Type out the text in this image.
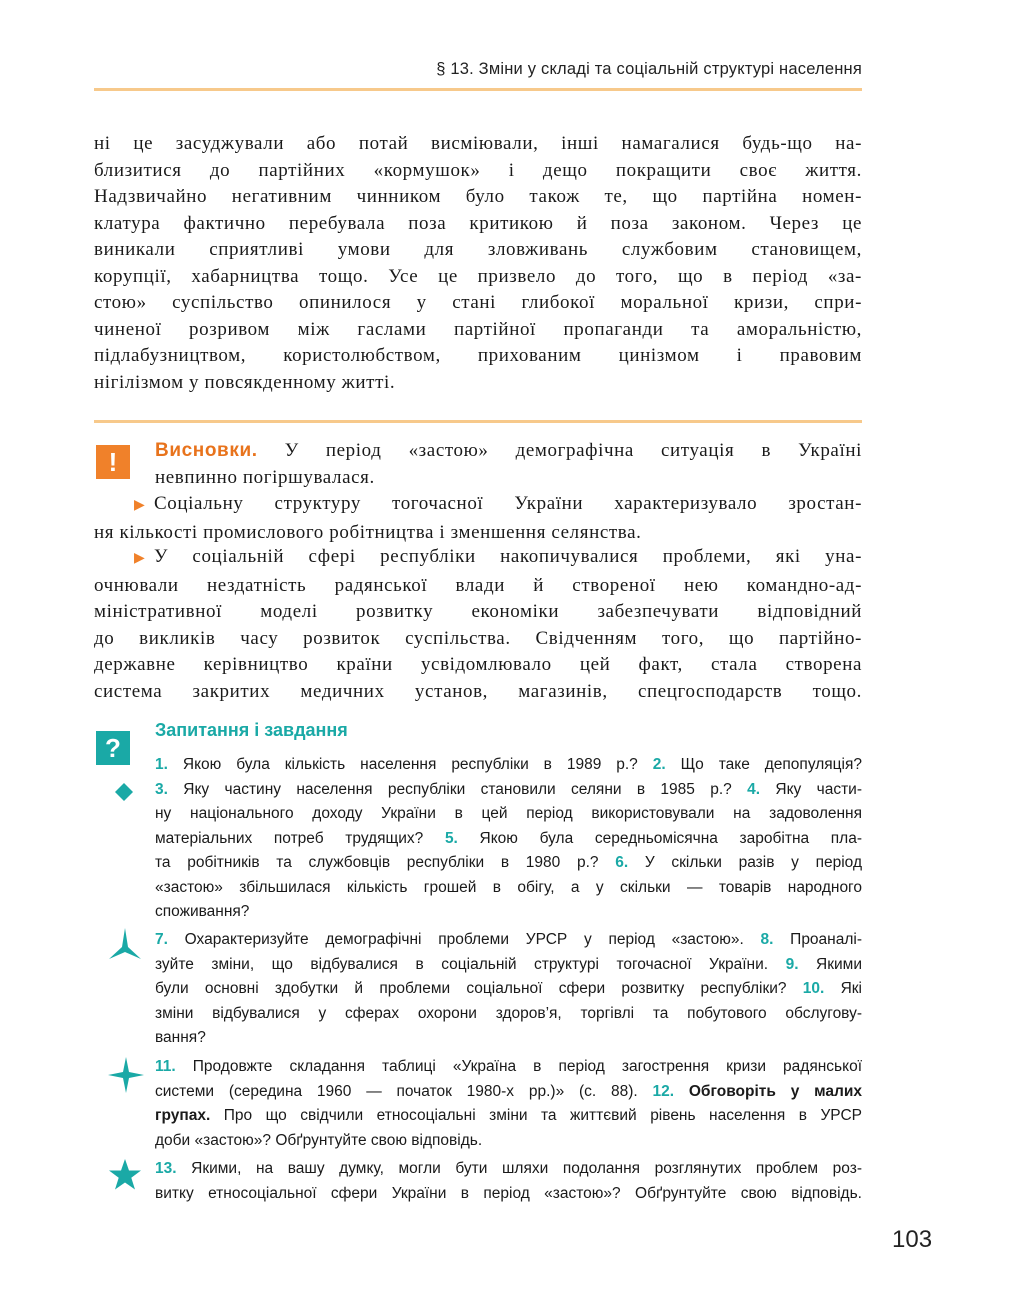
§ 13. Зміни у складі та соціальній структурі населення
ні це засуджували або потай висміювали, інші намагалися будь-що на-
близитися до партійних «кормушок» і дещо покращити своє життя.
Надзвичайно негативним чинником було також те, що партійна номен-
клатура фактично перебувала поза критикою й поза законом. Через це
виникали сприятливі умови для зловживань службовим становищем,
корупції, хабарництва тощо. Усе це призвело до того, що в період «за-
стою» суспільство опинилося у стані глибокої моральної кризи, спри-
чиненої розривом між гаслами партійної пропаганди та аморальністю,
підлабузництвом, користолюбством, прихованим цинізмом і правовим
нігілізмом у повсякденному житті.
!	Висновки. У період «застою» демографічна ситуація в Україні
невпинно погіршувалася.
▶ Соціальну структуру тогочасної України характеризувало зростан-
ня кількості промислового робітництва і зменшення селянства.
▶ У соціальній сфері республіки накопичувалися проблеми, які уна-
очнювали нездатність радянської влади й створеної нею командно-ад-
міністративної моделі розвитку економіки забезпечувати відповідний
до викликів часу розвиток суспільства. Свідченням того, що партійно-
державне керівництво країни усвідомлювало цей факт, стала створена
система закритих медичних установ, магазинів, спецгосподарств тощо.
?
Запитання і завдання
1. Якою була кількість населення республіки в 1989 р.? 2. Що таке депопуляція?
3. Яку частину населення республіки становили селяни в 1985 р.? 4. Яку части-
ну національного доходу України в цей період використовували на задоволення
матеріальних потреб трудящих? 5. Якою була середньомісячна заробітна пла-
та робітників та службовців республіки в 1980 р.? 6. У скільки разів у період
«застою» збільшилася кількість грошей в обігу, а у скільки — товарів народного
споживання?
7. Охарактеризуйте демографічні проблеми УРСР у період «застою». 8. Проаналі-
зуйте зміни, що відбувалися в соціальній структурі тогочасної України. 9. Якими
були основні здобутки й проблеми соціальної сфери розвитку республіки? 10. Які
зміни відбувалися у сферах охорони здоров’я, торгівлі та побутового обслугову-
вання?
11. Продовжте складання таблиці «Україна в період загострення кризи радянської
системи (середина 1960 — початок 1980-х рр.)» (с. 88). 12. Обговоріть у малих
групах. Про що свідчили етносоціальні зміни та життєвий рівень населення в УРСР
доби «застою»? Обґрунтуйте свою відповідь.
13. Якими, на вашу думку, могли бути шляхи подолання розглянутих проблем роз-
витку етносоціальної сфери України в період «застою»? Обґрунтуйте свою відповідь.
103
